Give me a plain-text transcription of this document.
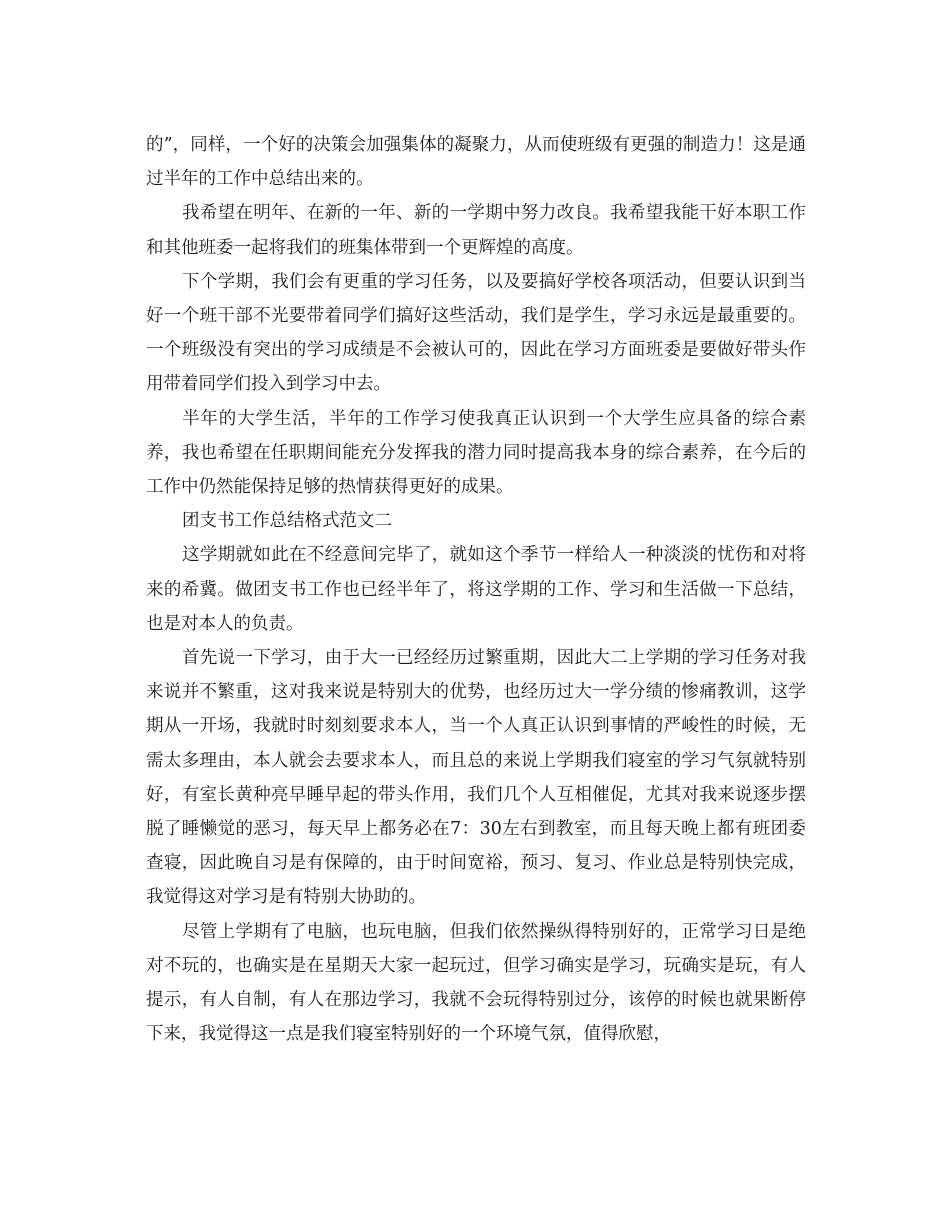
的”，同样，一个好的决策会加强集体的凝聚力，从而使班级有更强的制造力！这是通过半年的工作中总结出来的。

我希望在明年、在新的一年、新的一学期中努力改良。我希望我能干好本职工作和其他班委一起将我们的班集体带到一个更辉煌的高度。

下个学期，我们会有更重的学习任务，以及要搞好学校各项活动，但要认识到当好一个班干部不光要带着同学们搞好这些活动，我们是学生，学习永远是最重要的。一个班级没有突出的学习成绩是不会被认可的，因此在学习方面班委是要做好带头作用带着同学们投入到学习中去。

半年的大学生活，半年的工作学习使我真正认识到一个大学生应具备的综合素养，我也希望在任职期间能充分发挥我的潜力同时提高我本身的综合素养，在今后的工作中仍然能保持足够的热情获得更好的成果。

团支书工作总结格式范文二

这学期就如此在不经意间完毕了，就如这个季节一样给人一种淡淡的忧伤和对将来的希冀。做团支书工作也已经半年了，将这学期的工作、学习和生活做一下总结，也是对本人的负责。

首先说一下学习，由于大一已经经历过繁重期，因此大二上学期的学习任务对我来说并不繁重，这对我来说是特别大的优势，也经历过大一学分绩的惨痛教训，这学期从一开场，我就时时刻刻要求本人，当一个人真正认识到事情的严峻性的时候，无需太多理由，本人就会去要求本人，而且总的来说上学期我们寝室的学习气氛就特别好，有室长黄种亮早睡早起的带头作用，我们几个人互相催促，尤其对我来说逐步摆脱了睡懒觉的恶习，每天早上都务必在7：30左右到教室，而且每天晚上都有班团委查寝，因此晚自习是有保障的，由于时间宽裕，预习、复习、作业总是特别快完成，我觉得这对学习是有特别大协助的。

尽管上学期有了电脑，也玩电脑，但我们依然操纵得特别好的，正常学习日是绝对不玩的，也确实是在星期天大家一起玩过，但学习确实是学习，玩确实是玩，有人提示，有人自制，有人在那边学习，我就不会玩得特别过分，该停的时候也就果断停下来，我觉得这一点是我们寝室特别好的一个环境气氛，值得欣慰，
